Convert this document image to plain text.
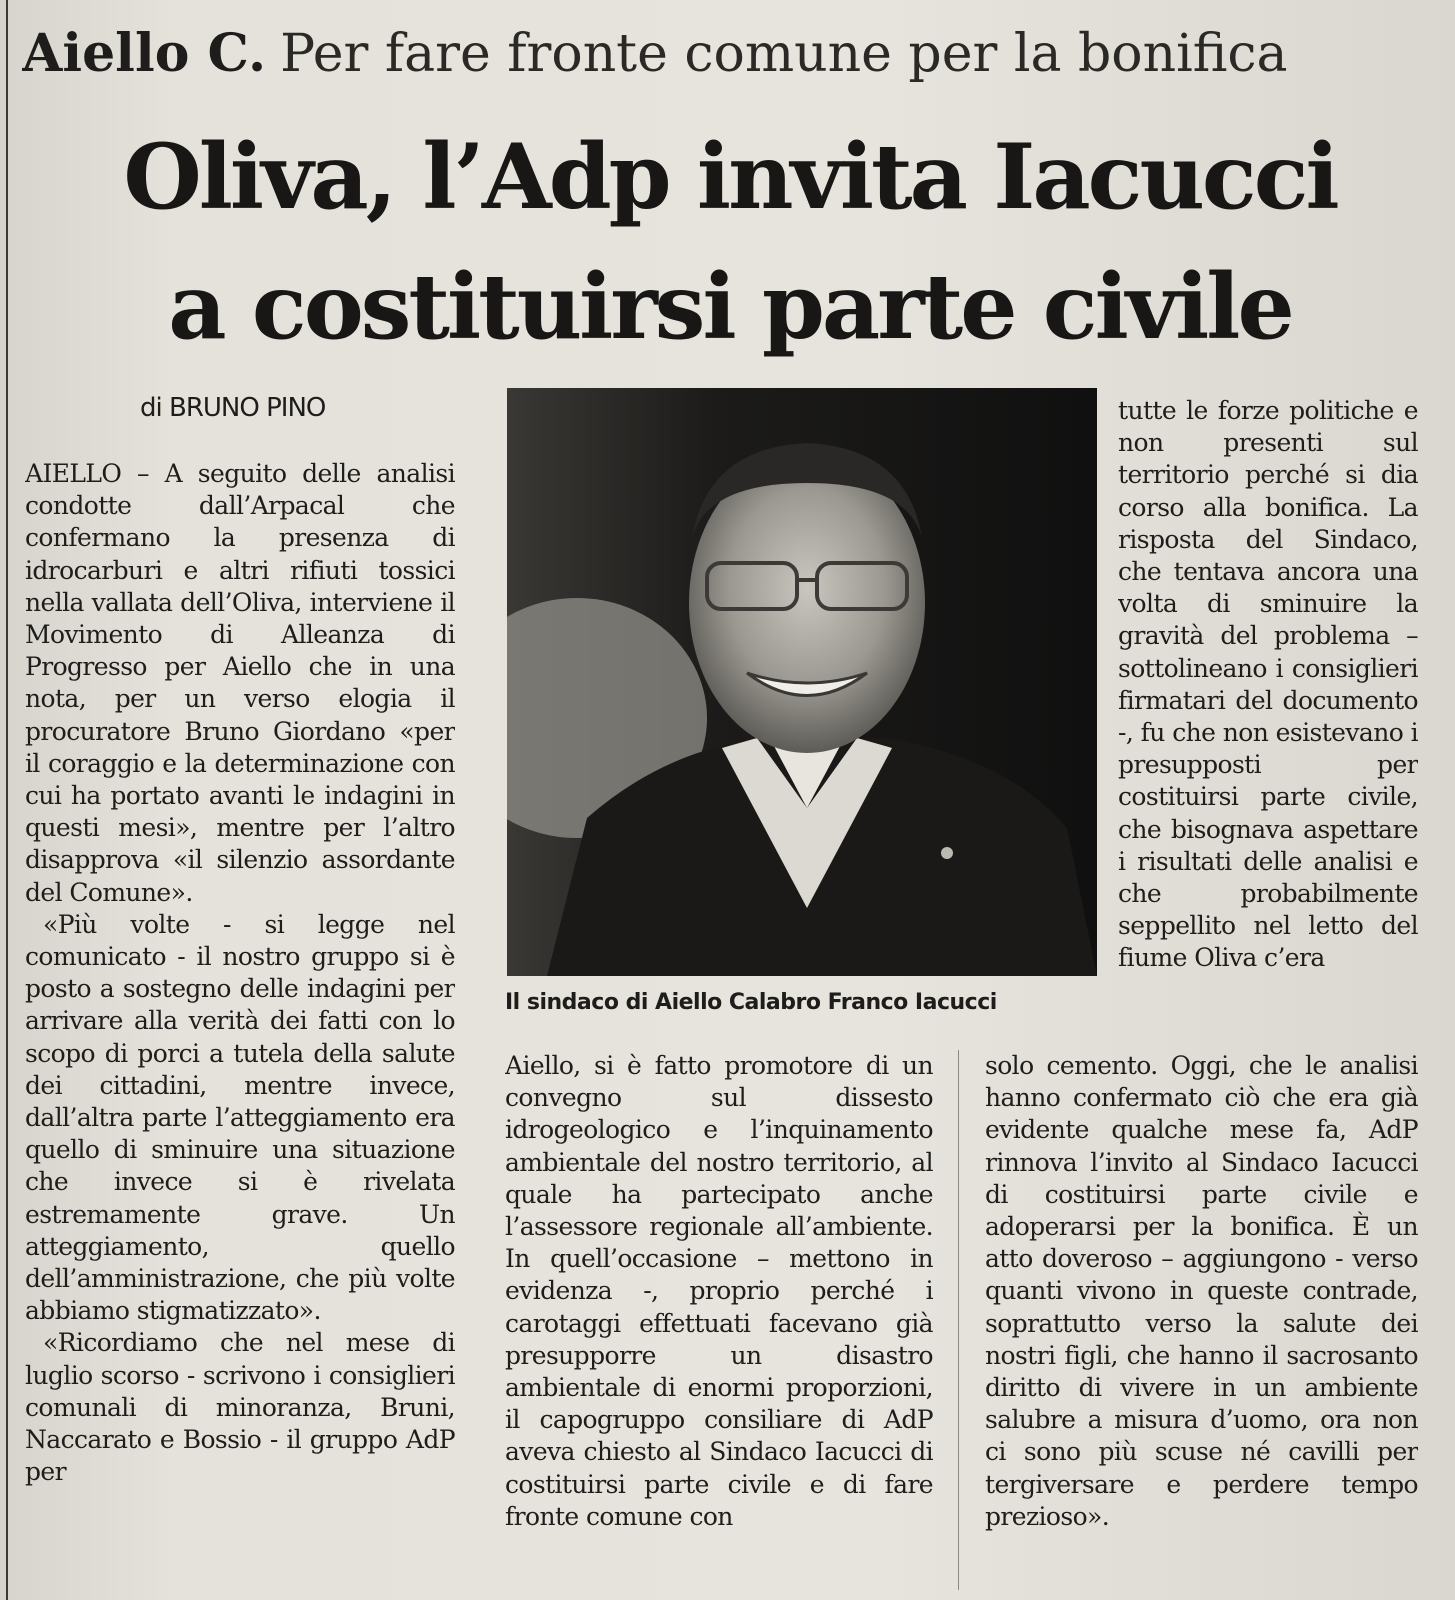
Aiello C. Per fare fronte comune per la bonifica
Oliva, l’Adp invita Iacucci
a costituirsi parte civile
di BRUNO PINO

AIELLO – A seguito delle analisi condotte dall’Arpacal che confermano la presenza di idrocarburi e altri rifiuti tossici nella vallata dell’Oliva, interviene il Movimento di Alleanza di Progresso per Aiello che in una nota, per un verso elogia il procuratore Bruno Giordano «per il coraggio e la determinazione con cui ha portato avanti le indagini in questi mesi», mentre per l’altro disapprova «il silenzio assordante del Comune».

«Più volte - si legge nel comunicato - il nostro gruppo si è posto a sostegno delle indagini per arrivare alla verità dei fatti con lo scopo di porci a tutela della salute dei cittadini, mentre invece, dall’altra parte l’atteggiamento era quello di sminuire una situazione che invece si è rivelata estremamente grave. Un atteggiamento, quello dell’amministrazione, che più volte abbiamo stigmatizzato».

«Ricordiamo che nel mese di luglio scorso - scrivono i consiglieri comunali di minoranza, Bruni, Naccarato e Bossio - il gruppo AdP per

Il sindaco di Aiello Calabro Franco Iacucci

tutte le forze politiche e non presenti sul territorio perché si dia corso alla bonifica. La risposta del Sindaco, che tentava ancora una volta di sminuire la gravità del problema – sottolineano i consiglieri firmatari del documento -, fu che non esistevano i presupposti per costituirsi parte civile, che bisognava aspettare i risultati delle analisi e che probabilmente seppellito nel letto del fiume Oliva c’era

Aiello, si è fatto promotore di un convegno sul dissesto idrogeologico e l’inquinamento ambientale del nostro territorio, al quale ha partecipato anche l’assessore regionale all’ambiente. In quell’occasione – mettono in evidenza -, proprio perché i carotaggi effettuati facevano già presupporre un disastro ambientale di enormi proporzioni, il capogruppo consiliare di AdP aveva chiesto al Sindaco Iacucci di costituirsi parte civile e di fare fronte comune con

solo cemento. Oggi, che le analisi hanno confermato ciò che era già evidente qualche mese fa, AdP rinnova l’invito al Sindaco Iacucci di costituirsi parte civile e adoperarsi per la bonifica. È un atto doveroso – aggiungono - verso quanti vivono in queste contrade, soprattutto verso la salute dei nostri figli, che hanno il sacrosanto diritto di vivere in un ambiente salubre a misura d’uomo, ora non ci sono più scuse né cavilli per tergiversare e perdere tempo prezioso».
